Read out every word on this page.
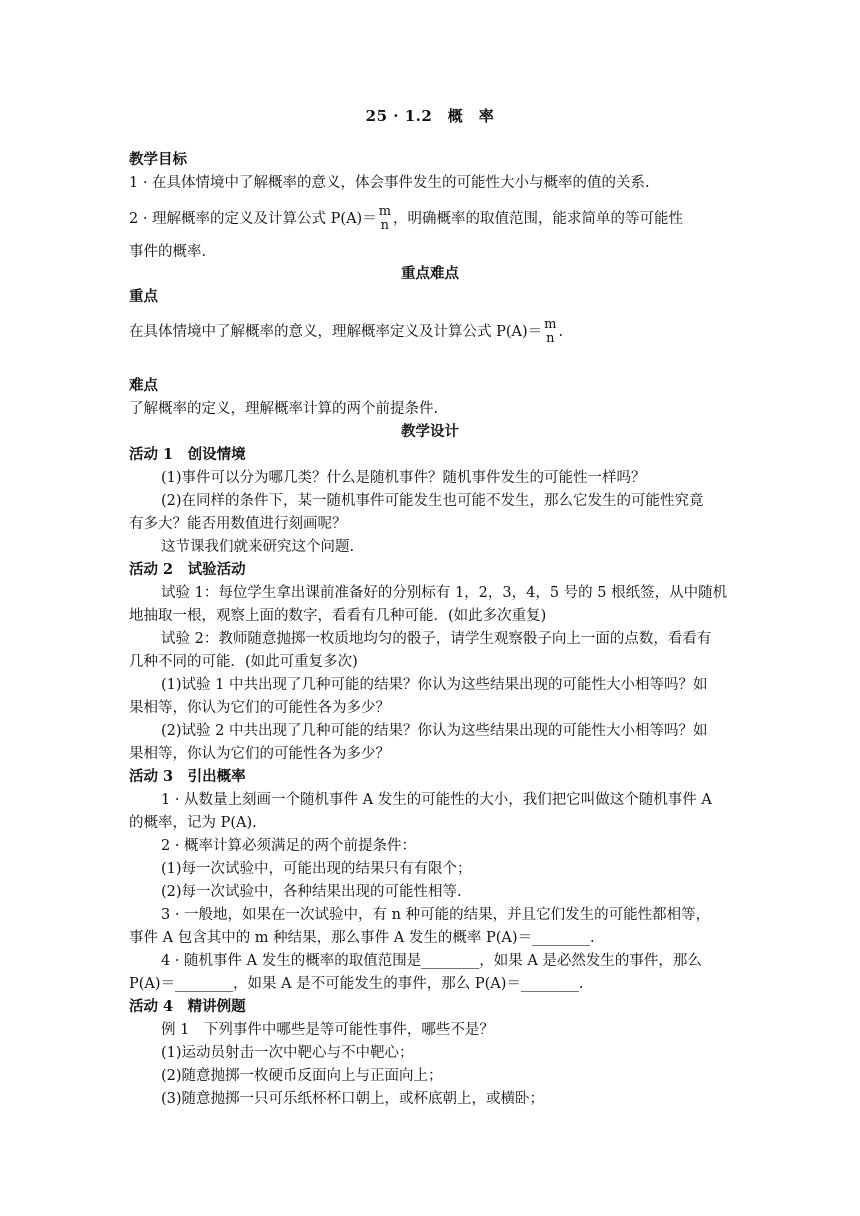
25 · 1.2　概　率
教学目标
1 · 在具体情境中了解概率的意义，体会事件发生的可能性大小与概率的值的关系.
2 · 理解概率的定义及计算公式 P(A)＝ m
n ，明确概率的取值范围，能求简单的等可能性
事件的概率.
重点难点
重点
在具体情境中了解概率的意义，理解概率定义及计算公式 P(A)＝ m
n .
难点
了解概率的定义，理解概率计算的两个前提条件.
教学设计
活动 1　创设情境
(1)事件可以分为哪几类？什么是随机事件？随机事件发生的可能性一样吗？
(2)在同样的条件下，某一随机事件可能发生也可能不发生，那么它发生的可能性究竟
有多大？能否用数值进行刻画呢？
这节课我们就来研究这个问题.
活动 2　试验活动
试验 1：每位学生拿出课前准备好的分别标有 1，2，3，4，5 号的 5 根纸签，从中随机
地抽取一根，观察上面的数字，看看有几种可能．(如此多次重复)
试验 2：教师随意抛掷一枚质地均匀的骰子，请学生观察骰子向上一面的点数，看看有
几种不同的可能．(如此可重复多次)
(1)试验 1 中共出现了几种可能的结果？你认为这些结果出现的可能性大小相等吗？如
果相等，你认为它们的可能性各为多少？
(2)试验 2 中共出现了几种可能的结果？你认为这些结果出现的可能性大小相等吗？如
果相等，你认为它们的可能性各为多少？
活动 3　引出概率
1 · 从数量上刻画一个随机事件 A 发生的可能性的大小，我们把它叫做这个随机事件 A
的概率，记为 P(A).
2 · 概率计算必须满足的两个前提条件：
(1)每一次试验中，可能出现的结果只有有限个；
(2)每一次试验中，各种结果出现的可能性相等.
3 · 一般地，如果在一次试验中，有 n 种可能的结果，并且它们发生的可能性都相等，
事件 A 包含其中的 m 种结果，那么事件 A 发生的概率 P(A)＝________.
4 · 随机事件 A 发生的概率的取值范围是________，如果 A 是必然发生的事件，那么
P(A)＝________，如果 A 是不可能发生的事件，那么 P(A)＝________.
活动 4　精讲例题
例 1　下列事件中哪些是等可能性事件，哪些不是？
(1)运动员射击一次中靶心与不中靶心；
(2)随意抛掷一枚硬币反面向上与正面向上；
(3)随意抛掷一只可乐纸杯杯口朝上，或杯底朝上，或横卧；
